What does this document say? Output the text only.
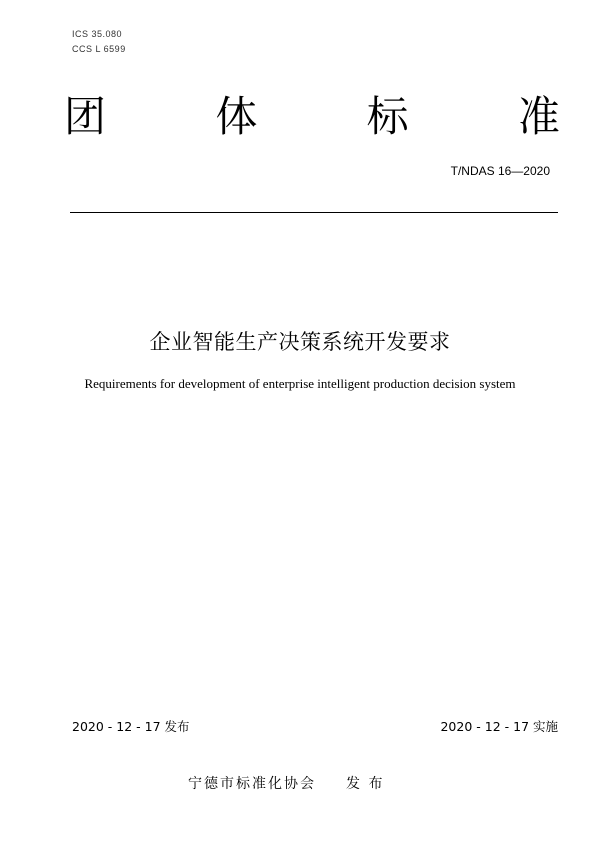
ICS 35.080
CCS L 6599
团	体	标	准
T/NDAS 16—2020
企业智能生产决策系统开发要求
Requirements for development of enterprise intelligent production decision system
2020 - 12 - 17 发布	2020 - 12 - 17 实施
宁德市标准化协会 发 布
